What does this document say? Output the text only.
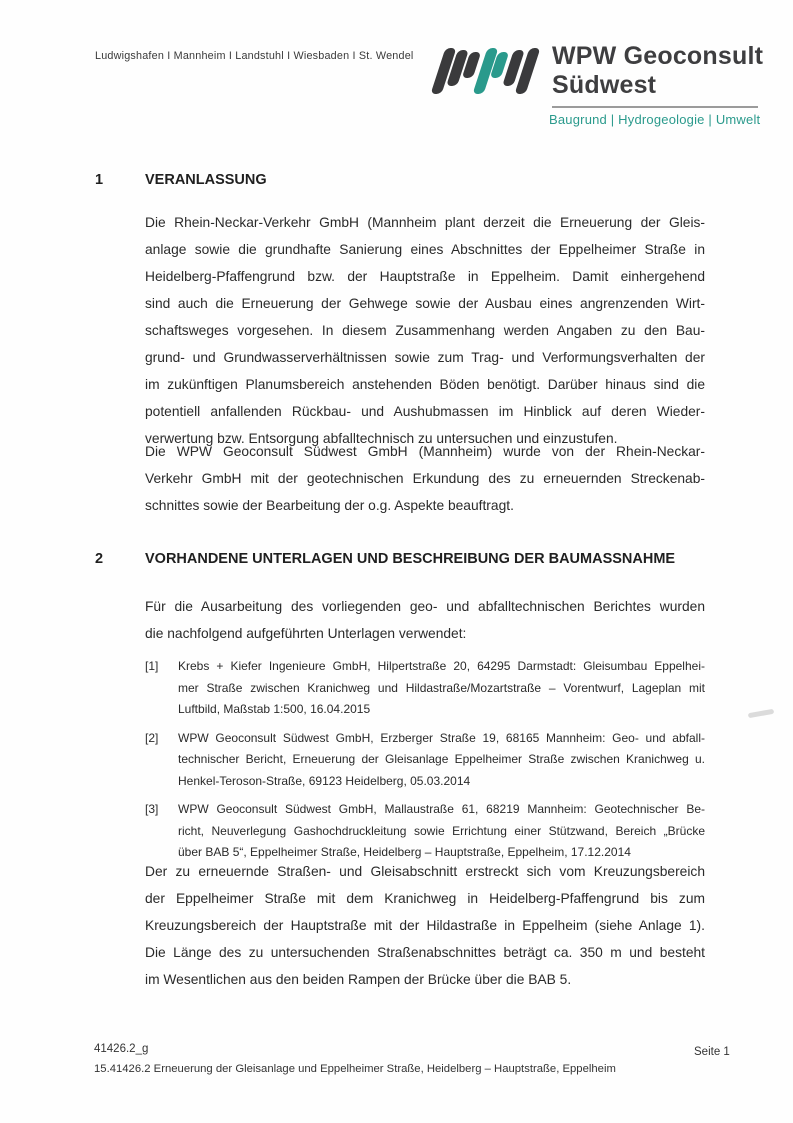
Ludwigshafen I Mannheim I Landstuhl I Wiesbaden I St. Wendel	WPW Geoconsult
Südwest
Baugrund | Hydrogeologie | Umwelt
1	VERANLASSUNG
Die Rhein-Neckar-Verkehr GmbH (Mannheim plant derzeit die Erneuerung der Gleis-
anlage sowie die grundhafte Sanierung eines Abschnittes der Eppelheimer Straße in
Heidelberg-Pfaffengrund bzw. der Hauptstraße in Eppelheim. Damit einhergehend
sind auch die Erneuerung der Gehwege sowie der Ausbau eines angrenzenden Wirt-
schaftsweges vorgesehen. In diesem Zusammenhang werden Angaben zu den Bau-
grund- und Grundwasserverhältnissen sowie zum Trag- und Verformungsverhalten der
im zukünftigen Planumsbereich anstehenden Böden benötigt. Darüber hinaus sind die
potentiell anfallenden Rückbau- und Aushubmassen im Hinblick auf deren Wieder-
verwertung bzw. Entsorgung abfalltechnisch zu untersuchen und einzustufen.
Die WPW Geoconsult Südwest GmbH (Mannheim) wurde von der Rhein-Neckar-
Verkehr GmbH mit der geotechnischen Erkundung des zu erneuernden Streckenab-
schnittes sowie der Bearbeitung der o.g. Aspekte beauftragt.
2	VORHANDENE UNTERLAGEN UND BESCHREIBUNG DER BAUMASSNAHME
Für die Ausarbeitung des vorliegenden geo- und abfalltechnischen Berichtes wurden
die nachfolgend aufgeführten Unterlagen verwendet:
[1] Krebs + Kiefer Ingenieure GmbH, Hilpertstraße 20, 64295 Darmstadt: Gleisumbau Eppelhei-
mer Straße zwischen Kranichweg und Hildastraße/Mozartstraße – Vorentwurf, Lageplan mit
Luftbild, Maßstab 1:500, 16.04.2015
[2] WPW Geoconsult Südwest GmbH, Erzberger Straße 19, 68165 Mannheim: Geo- und abfall-
technischer Bericht, Erneuerung der Gleisanlage Eppelheimer Straße zwischen Kranichweg u.
Henkel-Teroson-Straße, 69123 Heidelberg, 05.03.2014
[3] WPW Geoconsult Südwest GmbH, Mallaustraße 61, 68219 Mannheim: Geotechnischer Be-
richt, Neuverlegung Gashochdruckleitung sowie Errichtung einer Stützwand, Bereich „Brücke
über BAB 5“, Eppelheimer Straße, Heidelberg – Hauptstraße, Eppelheim, 17.12.2014
Der zu erneuernde Straßen- und Gleisabschnitt erstreckt sich vom Kreuzungsbereich
der Eppelheimer Straße mit dem Kranichweg in Heidelberg-Pfaffengrund bis zum
Kreuzungsbereich der Hauptstraße mit der Hildastraße in Eppelheim (siehe Anlage 1).
Die Länge des zu untersuchenden Straßenabschnittes beträgt ca. 350 m und besteht
im Wesentlichen aus den beiden Rampen der Brücke über die BAB 5.
41426.2_g	Seite 1
15.41426.2 Erneuerung der Gleisanlage und Eppelheimer Straße, Heidelberg – Hauptstraße, Eppelheim
